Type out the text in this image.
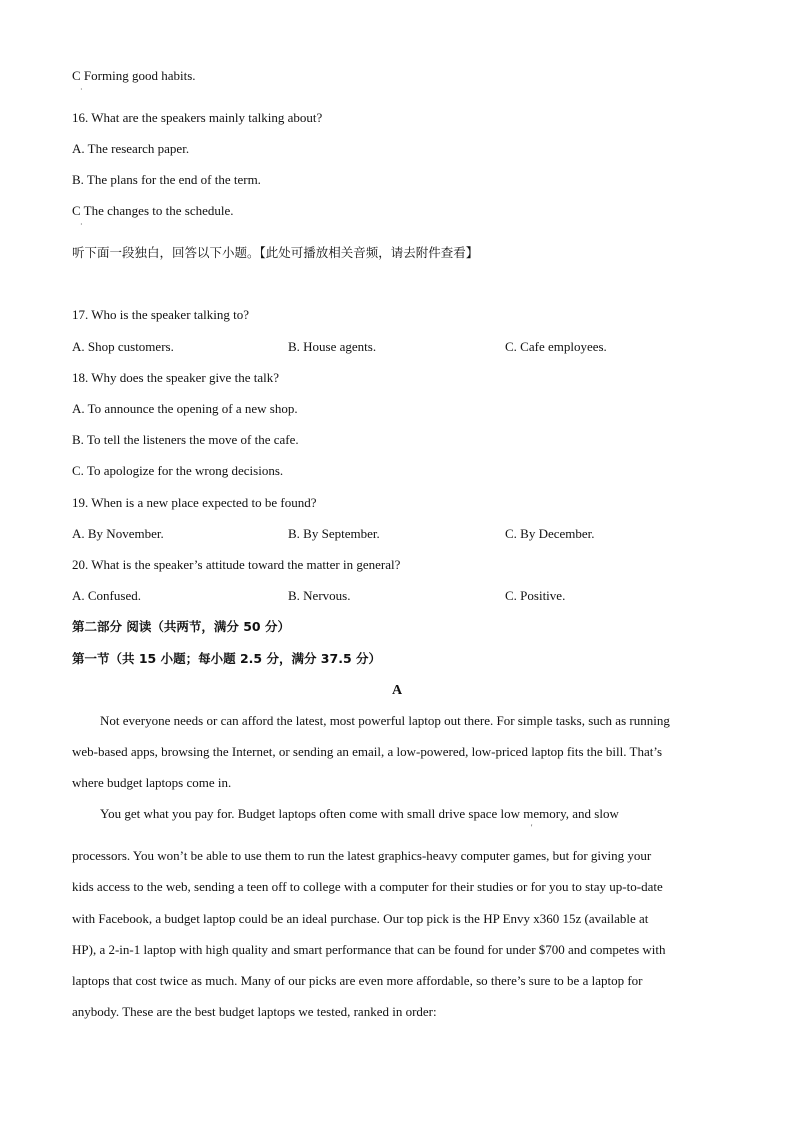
C Forming good habits.
·
16. What are the speakers mainly talking about?
A. The research paper.
B. The plans for the end of the term.
C The changes to the schedule.
·
听下面一段独白，回答以下小题。【此处可播放相关音频，请去附件查看】
17. Who is the speaker talking to?
A. Shop customers.	B. House agents.	C. Cafe employees.
18. Why does the speaker give the talk?
A. To announce the opening of a new shop.
B. To tell the listeners the move of the cafe.
C. To apologize for the wrong decisions.
19. When is a new place expected to be found?
A. By November.	B. By September.	C. By December.
20. What is the speaker’s attitude toward the matter in general?
A. Confused.	B. Nervous.	C. Positive.
第二部分 阅读（共两节，满分 50 分）
第一节（共 15 小题；每小题 2.5 分，满分 37.5 分）
A
Not everyone needs or can afford the latest, most powerful laptop out there. For simple tasks, such as running
web-based apps, browsing the Internet, or sending an email, a low-powered, low-priced laptop fits the bill. That’s
where budget laptops come in.
You get what you pay for. Budget laptops often come with small drive space low memory, and slow
'
processors. You won’t be able to use them to run the latest graphics-heavy computer games, but for giving your
kids access to the web, sending a teen off to college with a computer for their studies or for you to stay up-to-date
with Facebook, a budget laptop could be an ideal purchase. Our top pick is the HP Envy x360 15z (available at
HP), a 2-in-1 laptop with high quality and smart performance that can be found for under $700 and competes with
laptops that cost twice as much. Many of our picks are even more affordable, so there’s sure to be a laptop for
anybody. These are the best budget laptops we tested, ranked in order:
